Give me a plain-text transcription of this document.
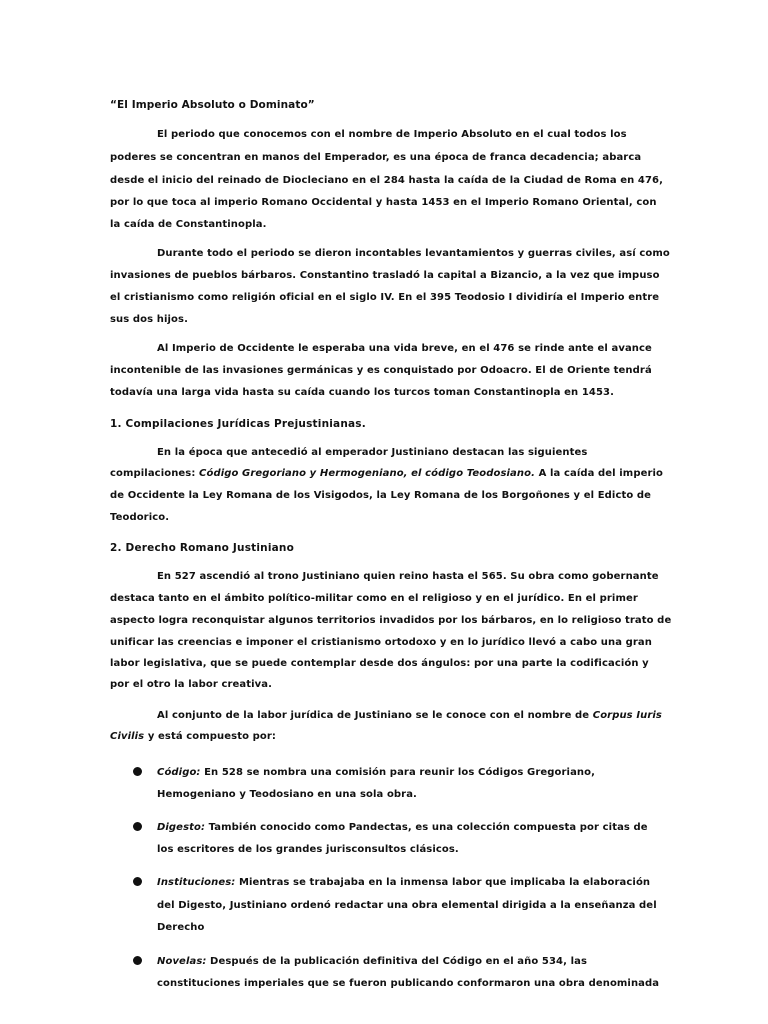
“El Imperio Absoluto o Dominato”
El periodo que conocemos con el nombre de Imperio Absoluto en el cual todos los
poderes se concentran en manos del Emperador, es una época de franca decadencia; abarca
desde el inicio del reinado de Diocleciano en el 284 hasta la caída de la Ciudad de Roma en 476,
por lo que toca al imperio Romano Occidental y hasta 1453 en el Imperio Romano Oriental, con
la caída de Constantinopla.
Durante todo el periodo se dieron incontables levantamientos y guerras civiles, así como
invasiones de pueblos bárbaros. Constantino trasladó la capital a Bizancio, a la vez que impuso
el cristianismo como religión oficial en el siglo IV. En el 395 Teodosio I dividiría el Imperio entre
sus dos hijos.
Al Imperio de Occidente le esperaba una vida breve, en el 476 se rinde ante el avance
incontenible de las invasiones germánicas y es conquistado por Odoacro. El de Oriente tendrá
todavía una larga vida hasta su caída cuando los turcos toman Constantinopla en 1453.
1. Compilaciones Jurídicas Prejustinianas.
En la época que antecedió al emperador Justiniano destacan las siguientes
compilaciones: Código Gregoriano y Hermogeniano, el código Teodosiano. A la caída del imperio
de Occidente la Ley Romana de los Visigodos, la Ley Romana de los Borgoñones y el Edicto de
Teodorico.
2. Derecho Romano Justiniano
En 527 ascendió al trono Justiniano quien reino hasta el 565. Su obra como gobernante
destaca tanto en el ámbito político-militar como en el religioso y en el jurídico. En el primer
aspecto logra reconquistar algunos territorios invadidos por los bárbaros, en lo religioso trato de
unificar las creencias e imponer el cristianismo ortodoxo y en lo jurídico llevó a cabo una gran
labor legislativa, que se puede contemplar desde dos ángulos: por una parte la codificación y
por el otro la labor creativa.
Al conjunto de la labor jurídica de Justiniano se le conoce con el nombre de Corpus Iuris
Civilis y está compuesto por:
Código: En 528 se nombra una comisión para reunir los Códigos Gregoriano,
Hemogeniano y Teodosiano en una sola obra.
Digesto: También conocido como Pandectas, es una colección compuesta por citas de
los escritores de los grandes jurisconsultos clásicos.
Instituciones: Mientras se trabajaba en la inmensa labor que implicaba la elaboración
del Digesto, Justiniano ordenó redactar una obra elemental dirigida a la enseñanza del
Derecho
Novelas: Después de la publicación definitiva del Código en el año 534, las
constituciones imperiales que se fueron publicando conformaron una obra denominada
